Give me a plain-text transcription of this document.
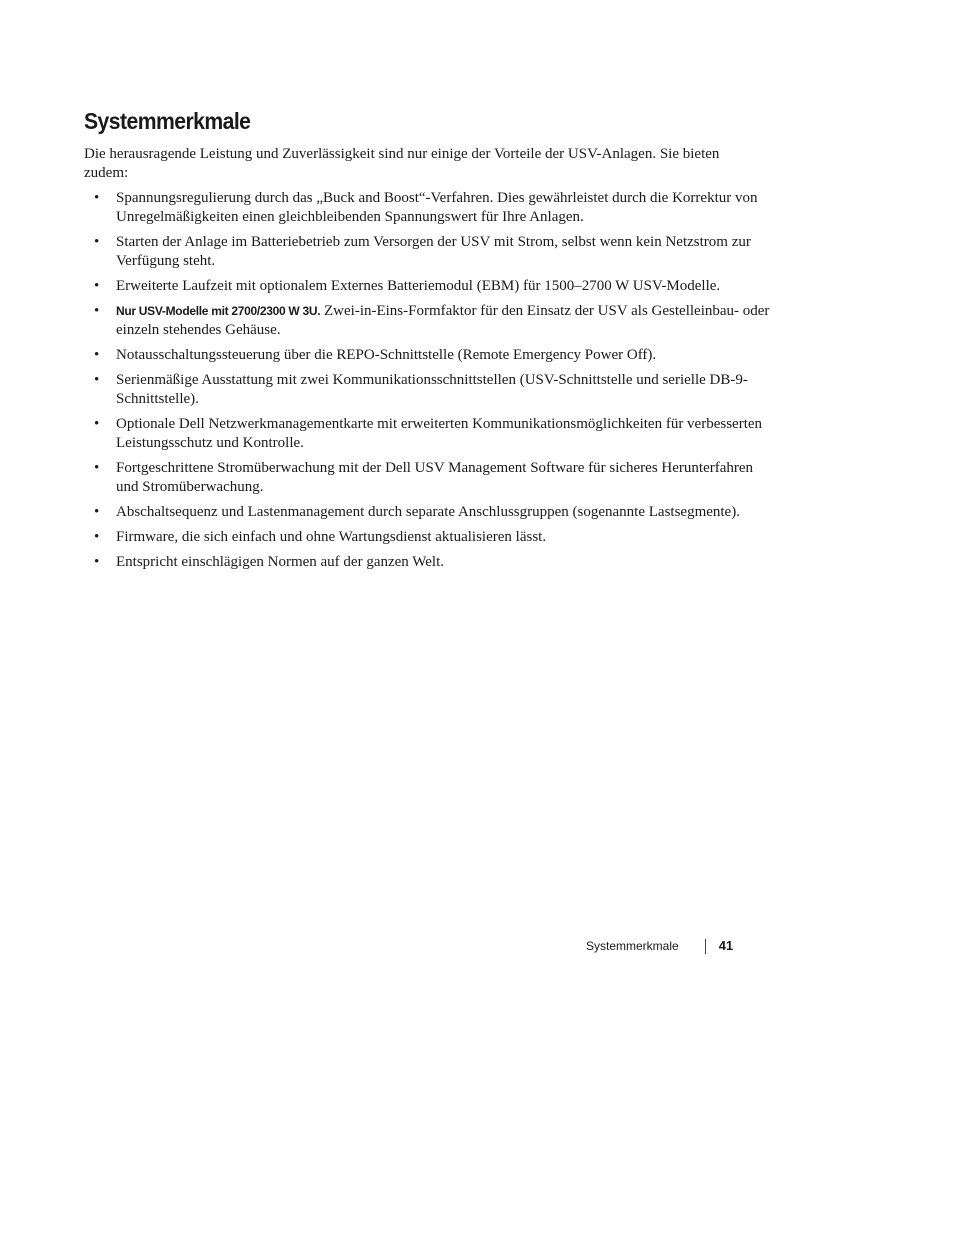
Systemmerkmale

Die herausragende Leistung und Zuverlässigkeit sind nur einige der Vorteile der USV-Anlagen. Sie bieten zudem:

• Spannungsregulierung durch das „Buck and Boost“-Verfahren. Dies gewährleistet durch die Korrektur von Unregelmäßigkeiten einen gleichbleibenden Spannungswert für Ihre Anlagen.
• Starten der Anlage im Batteriebetrieb zum Versorgen der USV mit Strom, selbst wenn kein Netzstrom zur Verfügung steht.
• Erweiterte Laufzeit mit optionalem Externes Batteriemodul (EBM) für 1500–2700 W USV-Modelle.
• Nur USV-Modelle mit 2700/2300 W 3U. Zwei-in-Eins-Formfaktor für den Einsatz der USV als Gestelleinbau- oder einzeln stehendes Gehäuse.
• Notausschaltungssteuerung über die REPO-Schnittstelle (Remote Emergency Power Off).
• Serienmäßige Ausstattung mit zwei Kommunikationsschnittstellen (USV-Schnittstelle und serielle DB-9-Schnittstelle).
• Optionale Dell Netzwerkmanagementkarte mit erweiterten Kommunikationsmöglichkeiten für verbesserten Leistungsschutz und Kontrolle.
• Fortgeschrittene Stromüberwachung mit der Dell USV Management Software für sicheres Herunterfahren und Stromüberwachung.
• Abschaltsequenz und Lastenmanagement durch separate Anschlussgruppen (sogenannte Lastsegmente).
• Firmware, die sich einfach und ohne Wartungsdienst aktualisieren lässt.
• Entspricht einschlägigen Normen auf der ganzen Welt.
Systemmerkmale	41
